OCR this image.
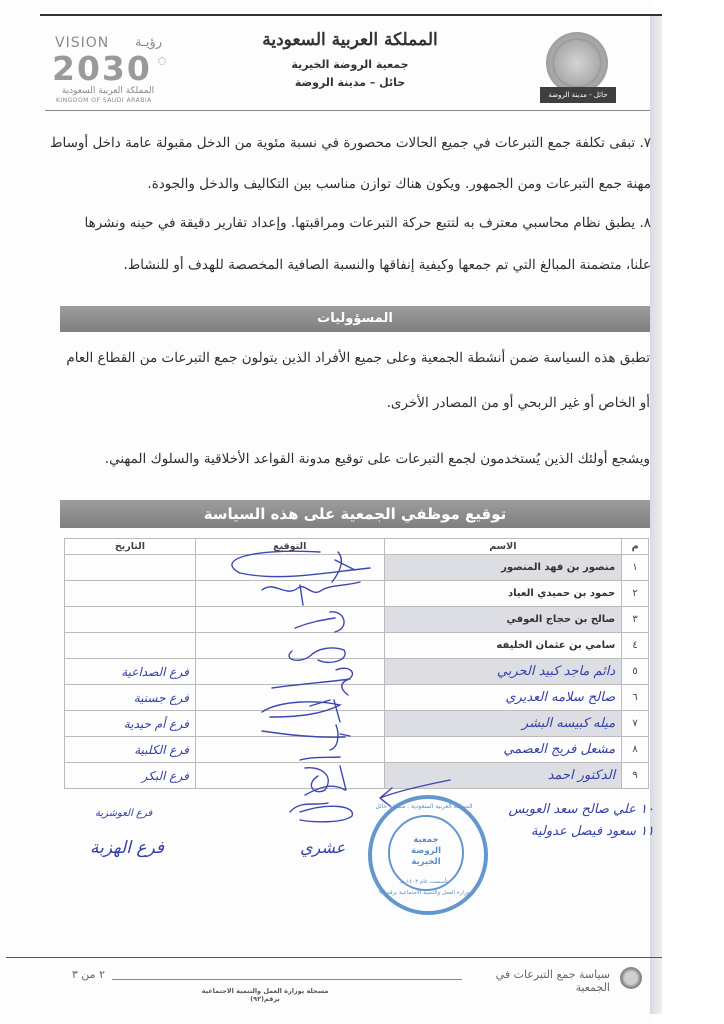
VISION رؤيـة
2030
المملكة العربية السعودية
KINGDOM OF SAUDI ARABIA
المملكة العربية السعودية
جمعية الروضة الخيرية
حائل – مدينة الروضة
حائل - مدينة الروضة
٧. تبقى تكلفة جمع التبرعات في جميع الحالات محصورة في نسبة مئوية من الدخل مقبولة عامة داخل أوساط
مهنة جمع التبرعات ومن الجمهور. ويكون هناك توازن مناسب بين التكاليف والدخل والجودة.
٨. يطبق نظام محاسبي معترف به لتتبع حركة التبرعات ومراقبتها. وإعداد تقارير دقيقة في حينه ونشرها
علنا، متضمنة المبالغ التي تم جمعها وكيفية إنفاقها والنسبة الصافية المخصصة للهدف أو للنشاط.
المسؤوليات
تطبق هذه السياسة ضمن أنشطة الجمعية وعلى جميع الأفراد الذين يتولون جمع التبرعات من القطاع العام
أو الخاص أو غير الربحي أو من المصادر الأخرى.
ويشجع أولئك الذين يُستخدمون لجمع التبرعات على توقيع مدونة القواعد الأخلاقية والسلوك المهني.
توقيع موظفي الجمعية على هذه السياسة
م	الاسم	التوقيع	التاريخ
١	منصور بن فهد المنصور		
٢	حمود بن حميدي العياد		
٣	صالح بن حجاج العوفي		
٤	سامي بن عثمان الخليفه		
٥	دائم ماجد كبيد الحربي		فرع الصداعية
٦	صالح سلامه العديري		فرع جسنية
٧	ميله كبيسه البشر		فرع أم حيدية
٨	مشعل فريج العصمي		فرع الكلبية
٩	الدكتور احمد		فرع البكر
١٠ علي صالح سعد العويس
١١ سعود فيصل عدولية
فرع العوشزية
فرع الهزبة	عشري
المملكة العربية السعودية . منطقة حائل
جمعية
الروضة
الخيرية
تأسست عام ١٤٠٣ هـ
وزارة العمل والتنمية الاجتماعية برقم ٩٢
سياسة جمع التبرعات في الجمعية
٢ من ٣
مسجلة بوزارة العمل والتنمية الاجتماعية برقم(٩٢)
